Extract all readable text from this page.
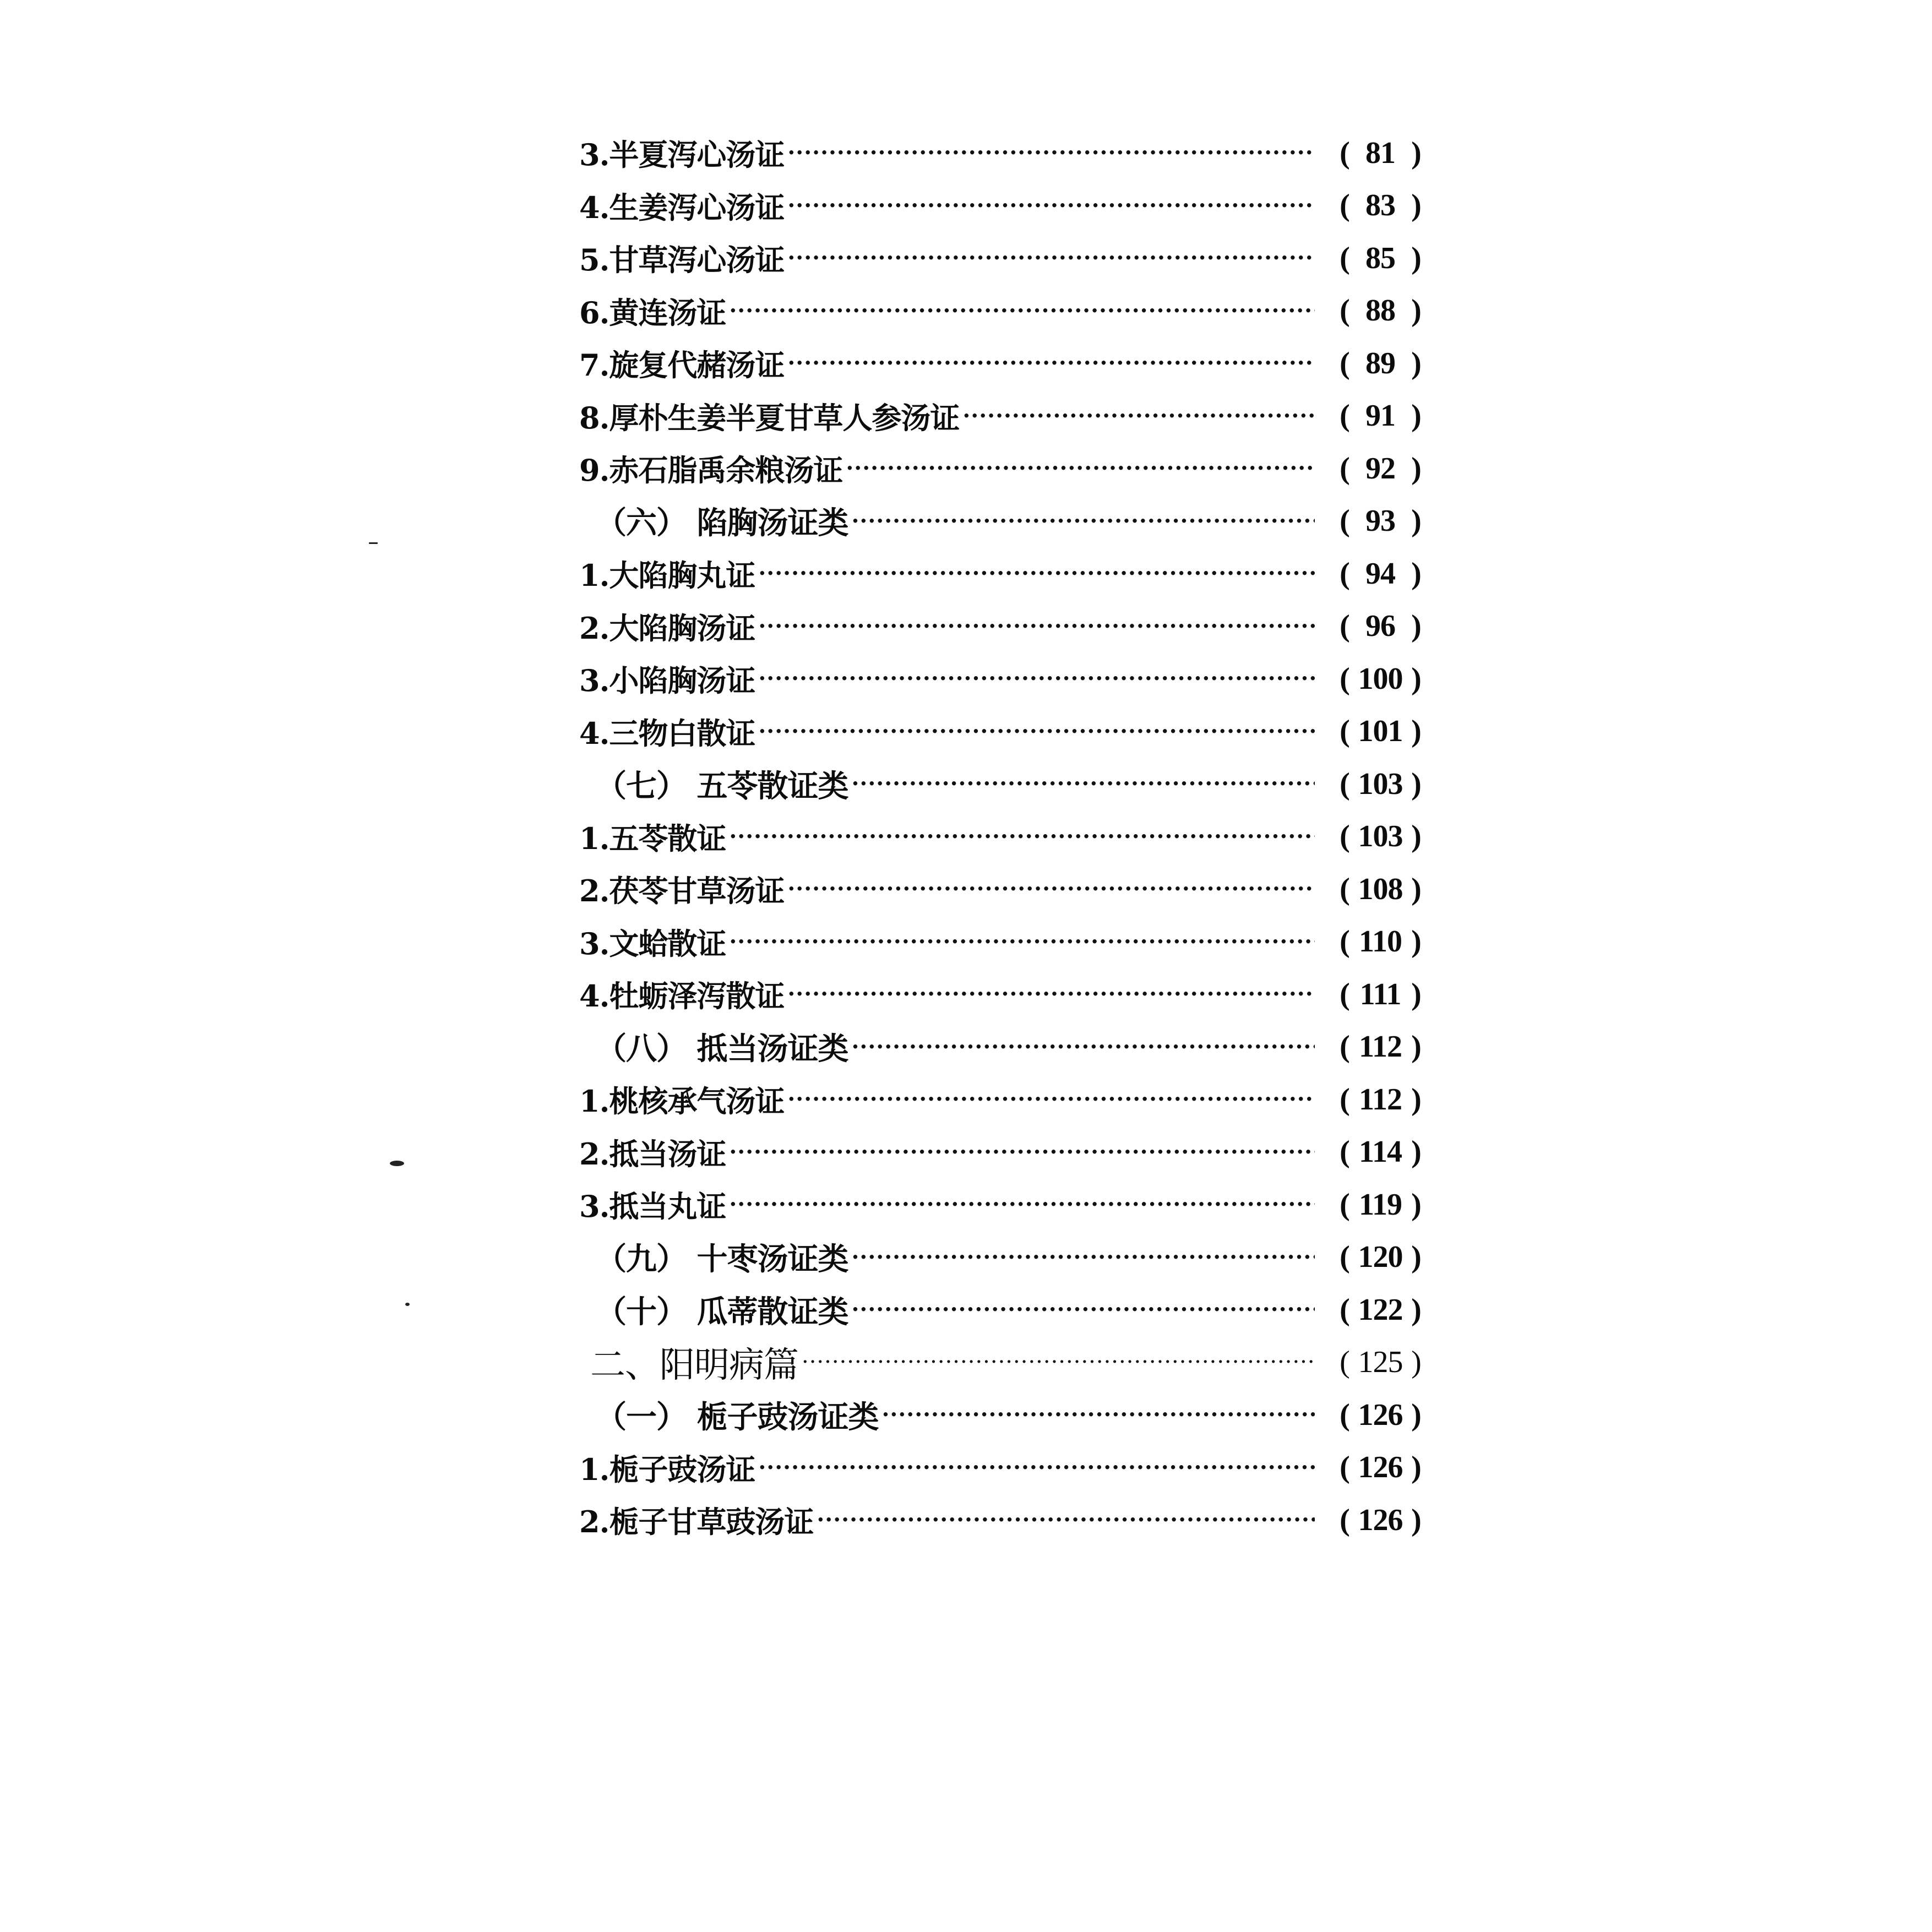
3.半夏泻心汤证 ·····	( 81 )
4.生姜泻心汤证 ·····	( 83 )
5.甘草泻心汤证 ·····	( 85 )
6.黄连汤证 ·····	( 88 )
7.旋复代赭汤证 ·····	( 89 )
8.厚朴生姜半夏甘草人参汤证 ·····	( 91 )
9.赤石脂禹余粮汤证 ·····	( 92 )
（六） 陷胸汤证类 ·····	( 93 )
1.大陷胸丸证 ·····	( 94 )
2.大陷胸汤证 ·····	( 96 )
3.小陷胸汤证 ·····	( 100 )
4.三物白散证 ·····	( 101 )
（七） 五苓散证类 ·····	( 103 )
1.五苓散证 ·····	( 103 )
2.茯苓甘草汤证 ·····	( 108 )
3.文蛤散证 ·····	( 110 )
4.牡蛎泽泻散证 ·····	( 111 )
（八） 抵当汤证类 ·····	( 112 )
1.桃核承气汤证 ·····	( 112 )
2.抵当汤证 ·····	( 114 )
3.抵当丸证 ·····	( 119 )
（九） 十枣汤证类 ·····	( 120 )
（十） 瓜蒂散证类 ·····	( 122 )
二、阳明病篇 ·····	( 125 )
（一） 栀子豉汤证类 ·····	( 126 )
1.栀子豉汤证 ·····	( 126 )
2.栀子甘草豉汤证 ·····	( 126 )
